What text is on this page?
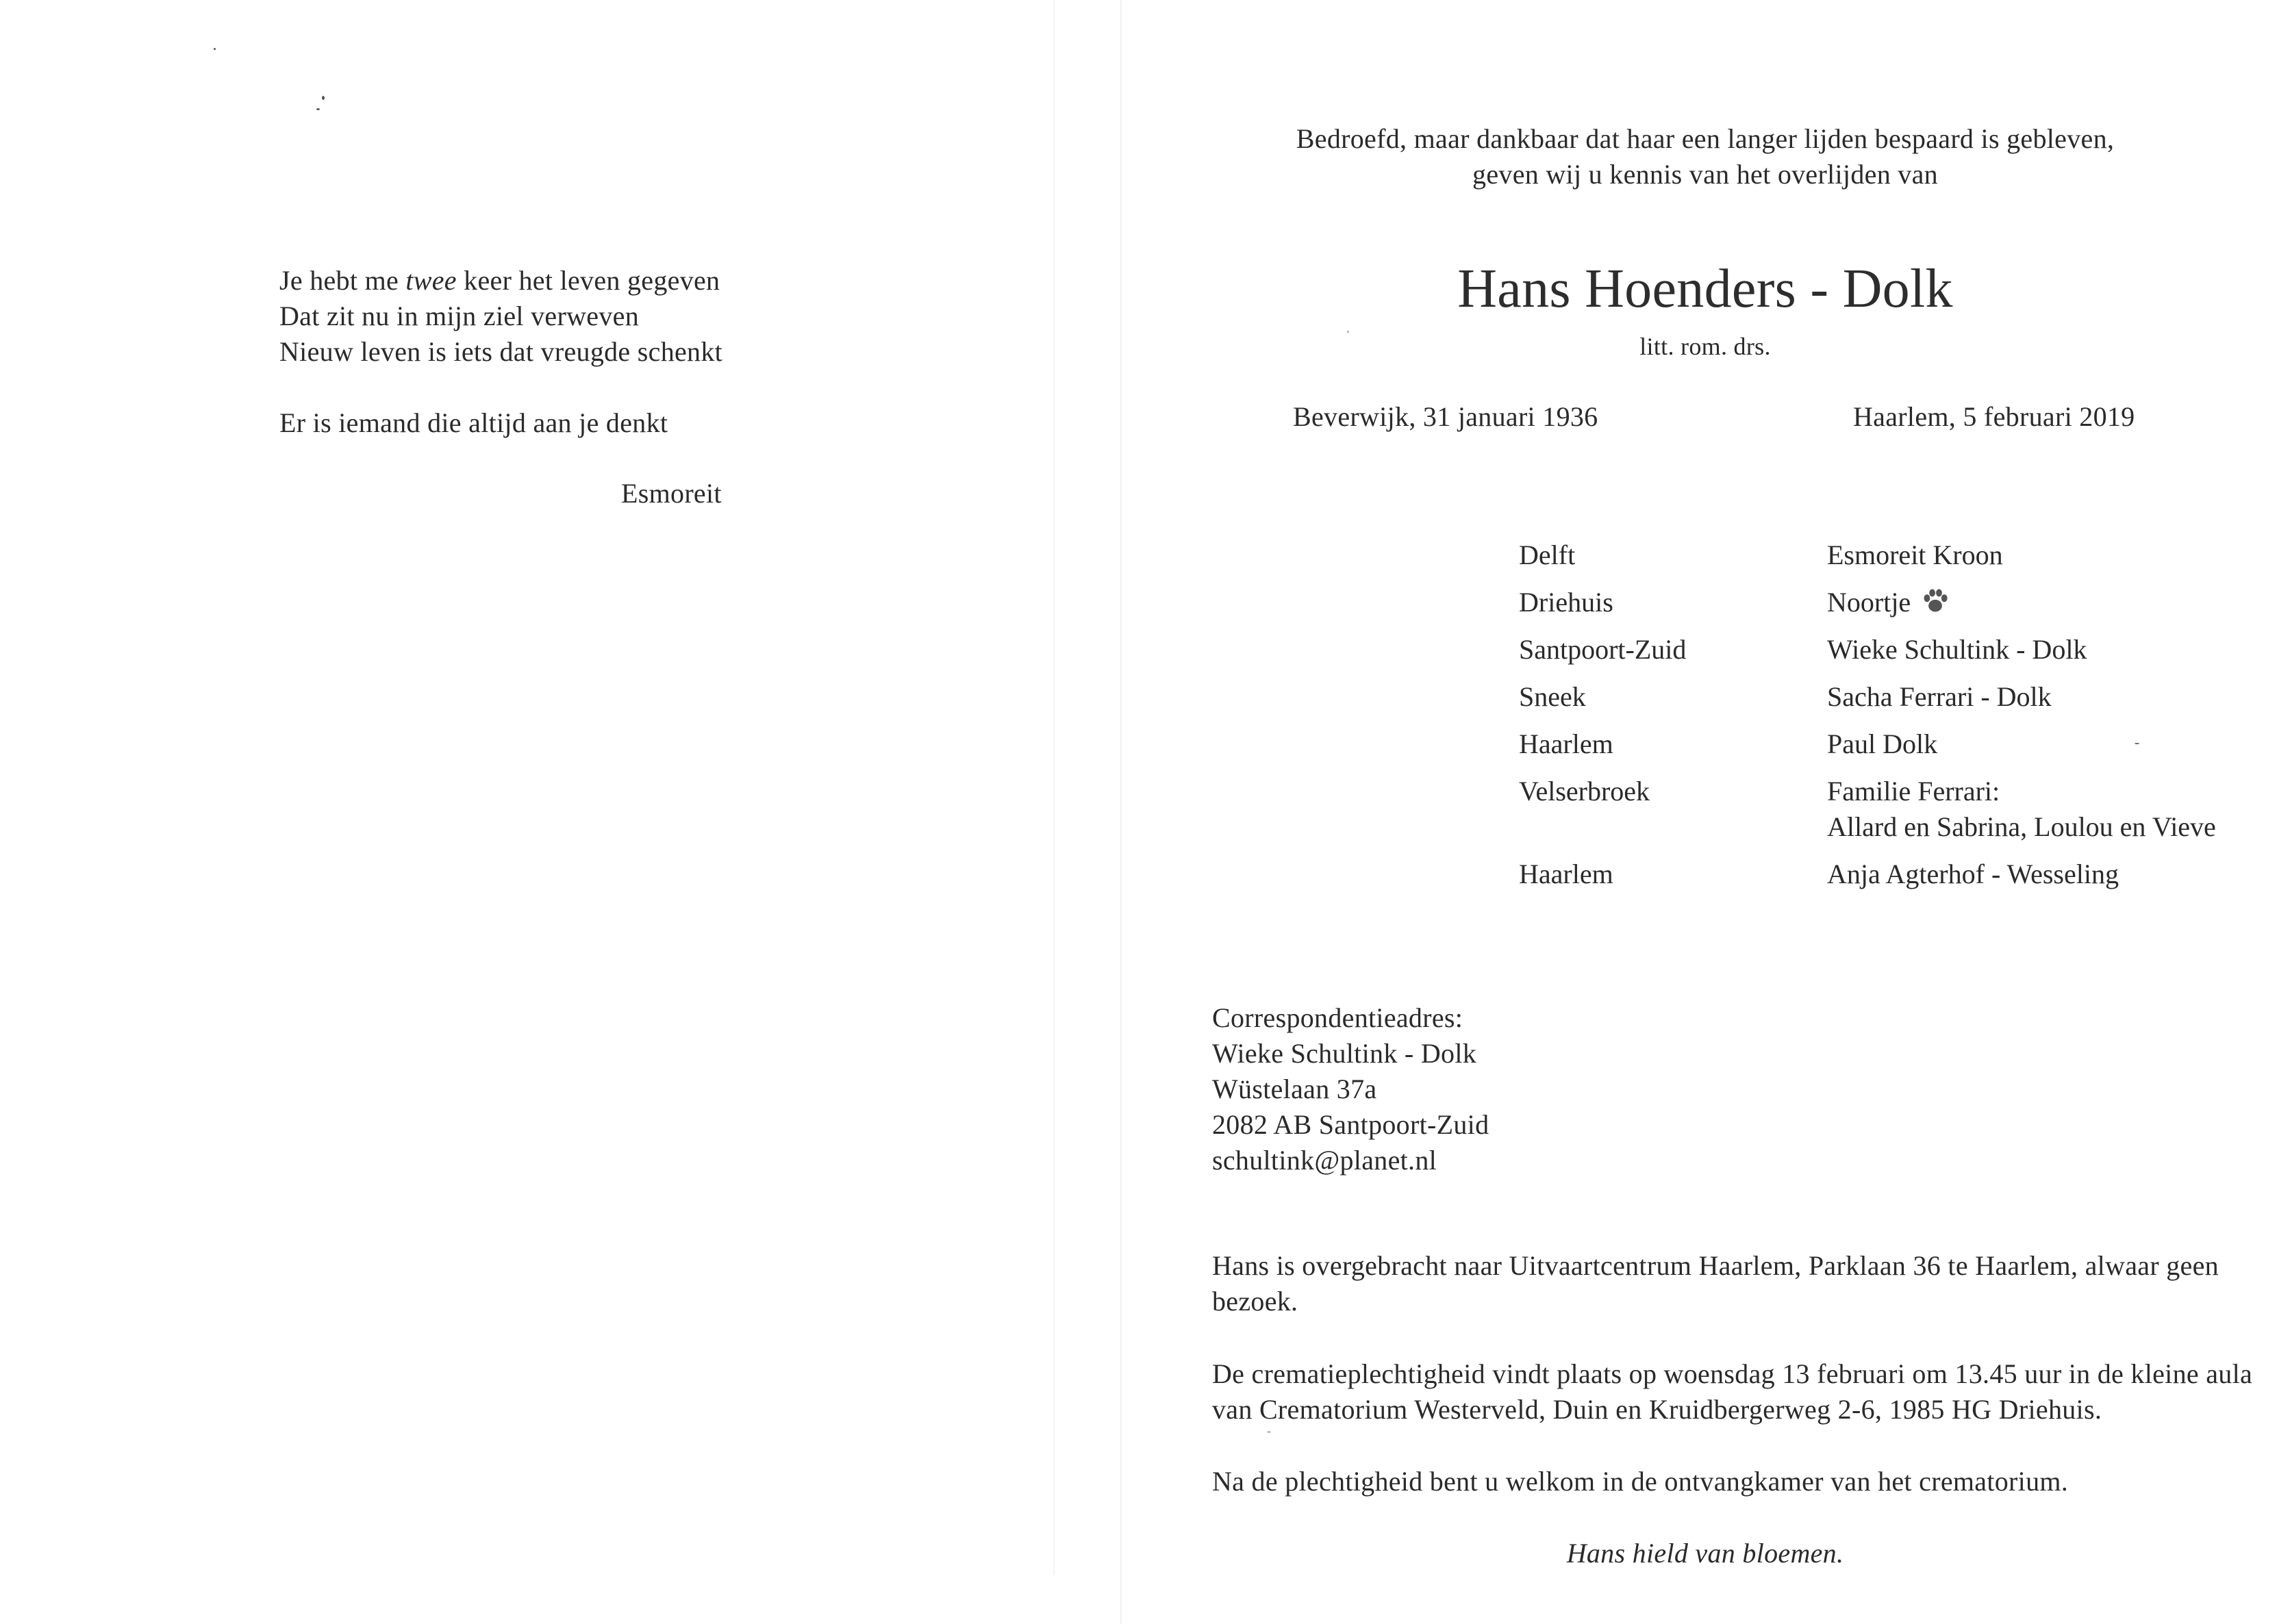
Je hebt me twee keer het leven gegeven
Dat zit nu in mijn ziel verweven
Nieuw leven is iets dat vreugde schenkt
Er is iemand die altijd aan je denkt

Esmoreit

Bedroefd, maar dankbaar dat haar een langer lijden bespaard is gebleven,
geven wij u kennis van het overlijden van

Hans Hoenders - Dolk

litt. rom. drs.

Beverwijk, 31 januari 1936	Haarlem, 5 februari 2019

Delft	Esmoreit Kroon
Driehuis	Noortje
Santpoort-Zuid	Wieke Schultink - Dolk
Sneek	Sacha Ferrari - Dolk
Haarlem	Paul Dolk
Velserbroek	Familie Ferrari:
Allard en Sabrina, Loulou en Vieve
Haarlem	Anja Agterhof - Wesseling

Correspondentieadres:
Wieke Schultink - Dolk
Wüstelaan 37a
2082 AB Santpoort-Zuid
schultink@planet.nl

Hans is overgebracht naar Uitvaartcentrum Haarlem, Parklaan 36 te Haarlem, alwaar geen bezoek.

De crematieplechtigheid vindt plaats op woensdag 13 februari om 13.45 uur in de kleine aula van Crematorium Westerveld, Duin en Kruidbergerweg 2-6, 1985 HG Driehuis.

Na de plechtigheid bent u welkom in de ontvangkamer van het crematorium.

Hans hield van bloemen.
